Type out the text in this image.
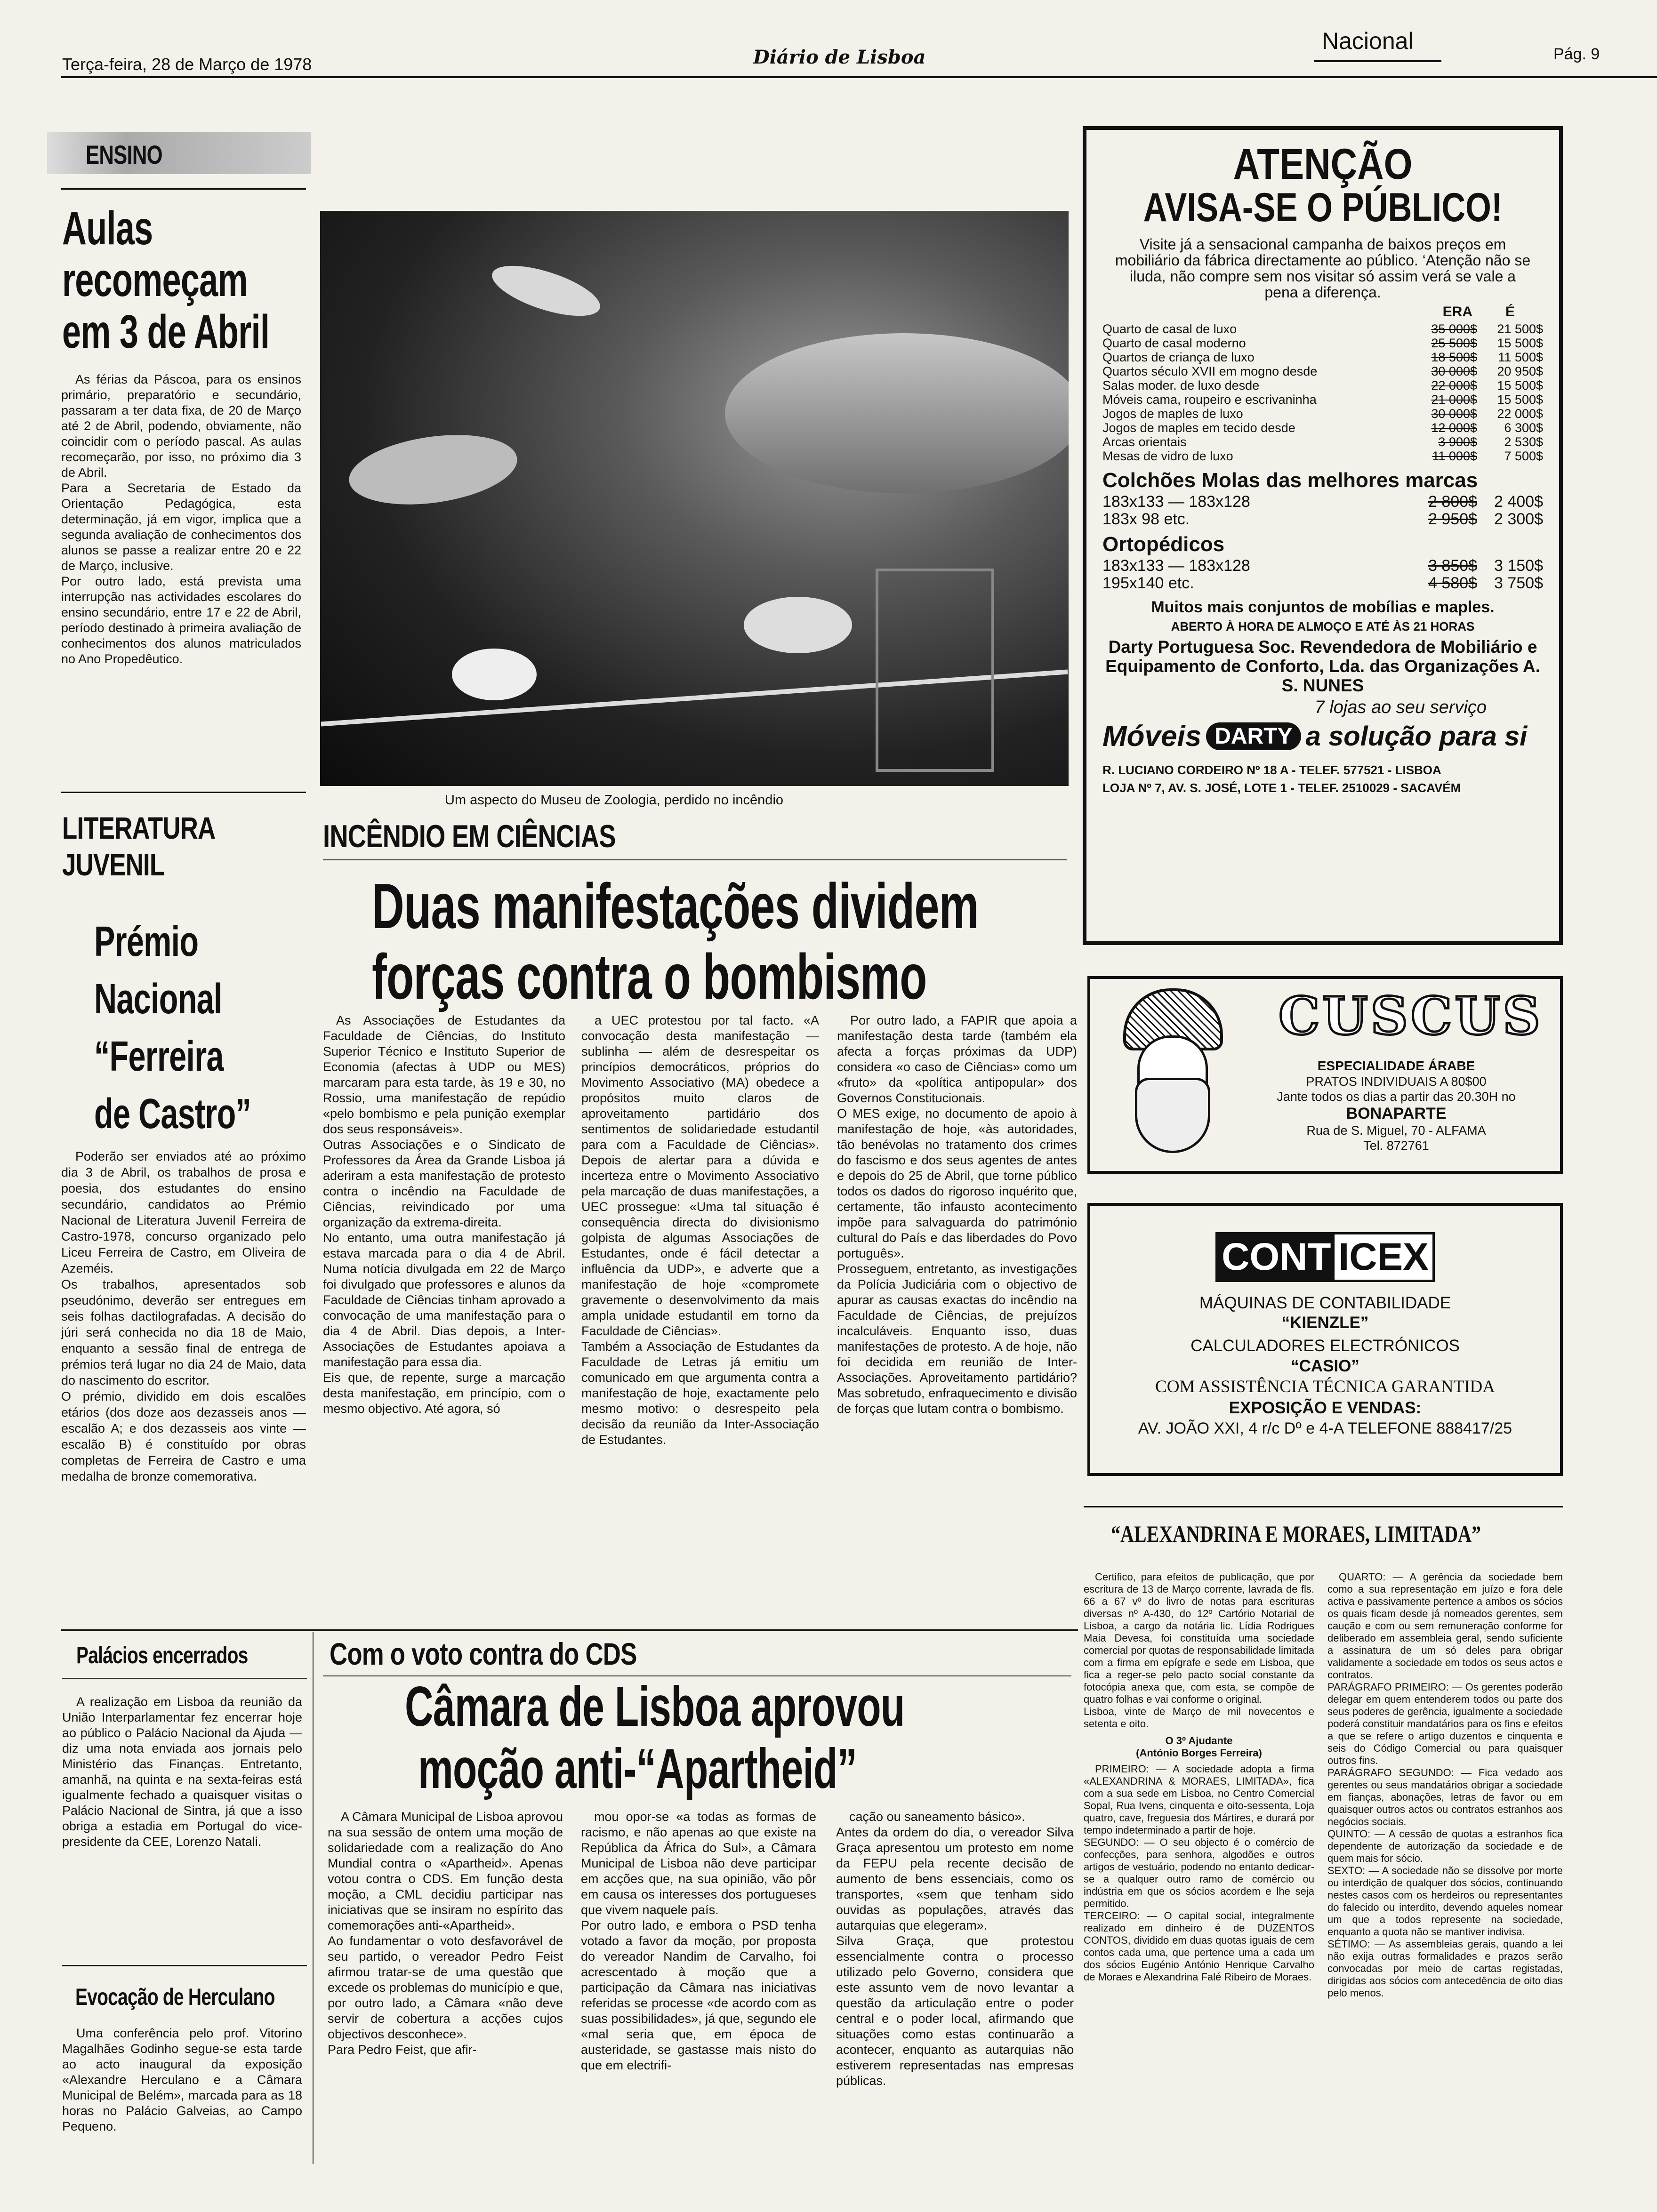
Terça-feira, 28 de Março de 1978	Diário de Lisboa
Nacional	Pág. 9
ENSINO
Aulas
recomeçam
em 3 de Abril
As férias da Páscoa, para os ensinos primário, preparatório e secundário, passaram a ter data fixa, de 20 de Março até 2 de Abril, podendo, obviamente, não coincidir com o período pascal. As aulas recomeçarão, por isso, no próximo dia 3 de Abril.
Para a Secretaria de Estado da Orientação Pedagógica, esta determinação, já em vigor, implica que a segunda avaliação de conhecimentos dos alunos se passe a realizar entre 20 e 22 de Março, inclusive.
Por outro lado, está prevista uma interrupção nas actividades escolares do ensino secundário, entre 17 e 22 de Abril, período destinado à primeira avaliação de conhecimentos dos alunos matriculados no Ano Propedêutico.
LITERATURA
JUVENIL
Prémio
Nacional
“Ferreira
de Castro”
Poderão ser enviados até ao próximo dia 3 de Abril, os trabalhos de prosa e poesia, dos estudantes do ensino secundário, candidatos ao Prémio Nacional de Literatura Juvenil Ferreira de Castro-1978, concurso organizado pelo Liceu Ferreira de Castro, em Oliveira de Azeméis.
Os trabalhos, apresentados sob pseudónimo, deverão ser entregues em seis folhas dactilografadas. A decisão do júri será conhecida no dia 18 de Maio, enquanto a sessão final de entrega de prémios terá lugar no dia 24 de Maio, data do nascimento do escritor.
O prémio, dividido em dois escalões etários (dos doze aos dezasseis anos — escalão A; e dos dezasseis aos vinte — escalão B) é constituído por obras completas de Ferreira de Castro e uma medalha de bronze comemorativa.
Um aspecto do Museu de Zoologia, perdido no incêndio
INCÊNDIO EM CIÊNCIAS
Duas manifestações dividem
forças contra o bombismo
As Associações de Estudantes da Faculdade de Ciências, do Instituto Superior Técnico e Instituto Superior de Economia (afectas à UDP ou MES) marcaram para esta tarde, às 19 e 30, no Rossio, uma manifestação de repúdio «pelo bombismo e pela punição exemplar dos seus responsáveis».
Outras Associações e o Sindicato de Professores da Área da Grande Lisboa já aderiram a esta manifestação de protesto contra o incêndio na Faculdade de Ciências, reivindicado por uma organização da extrema-direita.
No entanto, uma outra manifestação já estava marcada para o dia 4 de Abril. Numa notícia divulgada em 22 de Março foi divulgado que professores e alunos da Faculdade de Ciências tinham aprovado a convocação de uma manifestação para o dia 4 de Abril. Dias depois, a Inter-Associações de Estudantes apoiava a manifestação para essa dia.
Eis que, de repente, surge a marcação desta manifestação, em princípio, com o mesmo objectivo. Até agora, só
a UEC protestou por tal facto. «A convocação desta manifestação — sublinha — além de desrespeitar os princípios democráticos, próprios do Movimento Associativo (MA) obedece a propósitos muito claros de aproveitamento partidário dos sentimentos de solidariedade estudantil para com a Faculdade de Ciências». Depois de alertar para a dúvida e incerteza entre o Movimento Associativo pela marcação de duas manifestações, a UEC prossegue: «Uma tal situação é consequência directa do divisionismo golpista de algumas Associações de Estudantes, onde é fácil detectar a influência da UDP», e adverte que a manifestação de hoje «compromete gravemente o desenvolvimento da mais ampla unidade estudantil em torno da Faculdade de Ciências».
Também a Associação de Estudantes da Faculdade de Letras já emitiu um comunicado em que argumenta contra a manifestação de hoje, exactamente pelo mesmo motivo: o desrespeito pela decisão da reunião da Inter-Associação de Estudantes.
Por outro lado, a FAPIR que apoia a manifestação desta tarde (também ela afecta a forças próximas da UDP) considera «o caso de Ciências» como um «fruto» da «política antipopular» dos Governos Constitucionais.
O MES exige, no documento de apoio à manifestação de hoje, «às autoridades, tão benévolas no tratamento dos crimes do fascismo e dos seus agentes de antes e depois do 25 de Abril, que torne público todos os dados do rigoroso inquérito que, certamente, tão infausto acontecimento impõe para salvaguarda do património cultural do País e das liberdades do Povo português».
Prosseguem, entretanto, as investigações da Polícia Judiciária com o objectivo de apurar as causas exactas do incêndio na Faculdade de Ciências, de prejuízos incalculáveis. Enquanto isso, duas manifestações de protesto. A de hoje, não foi decidida em reunião de Inter-Associações. Aproveitamento partidário? Mas sobretudo, enfraquecimento e divisão de forças que lutam contra o bombismo.
Palácios encerrados
A realização em Lisboa da reunião da União Interparlamentar fez encerrar hoje ao público o Palácio Nacional da Ajuda — diz uma nota enviada aos jornais pelo Ministério das Finanças. Entretanto, amanhã, na quinta e na sexta-feiras está igualmente fechado a quaisquer visitas o Palácio Nacional de Sintra, já que a isso obriga a estadia em Portugal do vice-presidente da CEE, Lorenzo Natali.
Evocação de Herculano
Uma conferência pelo prof. Vitorino Magalhães Godinho segue-se esta tarde ao acto inaugural da exposição «Alexandre Herculano e a Câmara Municipal de Belém», marcada para as 18 horas no Palácio Galveias, ao Campo Pequeno.
Com o voto contra do CDS
Câmara de Lisboa aprovou
moção anti-“Apartheid”
A Câmara Municipal de Lisboa aprovou na sua sessão de ontem uma moção de solidariedade com a realização do Ano Mundial contra o «Apartheid». Apenas votou contra o CDS. Em função desta moção, a CML decidiu participar nas iniciativas que se insiram no espírito das comemorações anti-«Apartheid».
Ao fundamentar o voto desfavorável de seu partido, o vereador Pedro Feist afirmou tratar-se de uma questão que excede os problemas do município e que, por outro lado, a Câmara «não deve servir de cobertura a acções cujos objectivos desconhece».
Para Pedro Feist, que afir-
mou opor-se «a todas as formas de racismo, e não apenas ao que existe na República da África do Sul», a Câmara Municipal de Lisboa não deve participar em acções que, na sua opinião, vão pôr em causa os interesses dos portugueses que vivem naquele país.
Por outro lado, e embora o PSD tenha votado a favor da moção, por proposta do vereador Nandim de Carvalho, foi acrescentado à moção que a participação da Câmara nas iniciativas referidas se processe «de acordo com as suas possibilidades», já que, segundo ele «mal seria que, em época de austeridade, se gastasse mais nisto do que em electrifi-
cação ou saneamento básico».
Antes da ordem do dia, o vereador Silva Graça apresentou um protesto em nome da FEPU pela recente decisão de aumento de bens essenciais, como os transportes, «sem que tenham sido ouvidas as populações, através das autarquias que elegeram».
Silva Graça, que protestou essencialmente contra o processo utilizado pelo Governo, considera que este assunto vem de novo levantar a questão da articulação entre o poder central e o poder local, afirmando que situações como estas continuarão a acontecer, enquanto as autarquias não estiverem representadas nas empresas públicas.
ATENÇÃO
AVISA-SE O PÚBLICO!
Visite já a sensacional campanha de baixos preços em mobiliário da fábrica directamente ao público. ‘Atenção não se iluda, não compre sem nos visitar só assim verá se vale a pena a diferença.
ERA É
Quarto de casal de luxo	35 000$	21 500$
Quarto de casal moderno	25 500$	15 500$
Quartos de criança de luxo	18 500$	11 500$
Quartos século XVII em mogno desde	30 000$	20 950$
Salas moder. de luxo desde	22 000$	15 500$
Móveis cama, roupeiro e escrivaninha	21 000$	15 500$
Jogos de maples de luxo	30 000$	22 000$
Jogos de maples em tecido desde	12 000$	6 300$
Arcas orientais	3 900$	2 530$
Mesas de vidro de luxo	11 000$	7 500$
Colchões Molas das melhores marcas
183x133 — 183x128	2 800$	2 400$
183x 98 etc.	2 950$	2 300$
Ortopédicos
183x133 — 183x128	3 850$	3 150$
195x140 etc.	4 580$	3 750$
Muitos mais conjuntos de mobílias e maples.
ABERTO À HORA DE ALMOÇO E ATÉ ÀS 21 HORAS
Darty Portuguesa Soc. Revendedora de Mobiliário e Equipamento de Conforto, Lda. das Organizações A. S. NUNES
7 lojas ao seu serviço
Móveis DARTY a solução para si
R. LUCIANO CORDEIRO Nº 18 A - TELEF. 577521 - LISBOA
LOJA Nº 7, AV. S. JOSÉ, LOTE 1 - TELEF. 2510029 - SACAVÉM
CUSCUS
ESPECIALIDADE ÁRABE
PRATOS INDIVIDUAIS A 80$00
Jante todos os dias a partir das 20.30H no
BONAPARTE
Rua de S. Miguel, 70 - ALFAMA
Tel. 872761
CONT ICEX
MÁQUINAS DE CONTABILIDADE
“KIENZLE”
CALCULADORES ELECTRÓNICOS
“CASIO”
COM ASSISTÊNCIA TÉCNICA GARANTIDA
EXPOSIÇÃO E VENDAS:
AV. JOÃO XXI, 4 r/c Dº e 4-A TELEFONE 888417/25
“ALEXANDRINA E MORAES, LIMITADA”
Certifico, para efeitos de publicação, que por escritura de 13 de Março corrente, lavrada de fls. 66 a 67 vº do livro de notas para escrituras diversas nº A-430, do 12º Cartório Notarial de Lisboa, a cargo da notária lic. Lídia Rodrigues Maia Devesa, foi constituída uma sociedade comercial por quotas de responsabilidade limitada com a firma em epígrafe e sede em Lisboa, que fica a reger-se pelo pacto social constante da fotocópia anexa que, com esta, se compõe de quatro folhas e vai conforme o original.
Lisboa, vinte de Março de mil novecentos e setenta e oito.
O 3º Ajudante
(António Borges Ferreira)
PRIMEIRO: — A sociedade adopta a firma «ALEXANDRINA & MORAES, LIMITADA», fica com a sua sede em Lisboa, no Centro Comercial Sopal, Rua Ivens, cinquenta e oito-sessenta, Loja quatro, cave, freguesia dos Mártires, e durará por tempo indeterminado a partir de hoje.
SEGUNDO: — O seu objecto é o comércio de confecções, para senhora, algodões e outros artigos de vestuário, podendo no entanto dedicar-se a qualquer outro ramo de comércio ou indústria em que os sócios acordem e lhe seja permitido.
TERCEIRO: — O capital social, integralmente realizado em dinheiro é de DUZENTOS CONTOS, dividido em duas quotas iguais de cem contos cada uma, que pertence uma a cada um dos sócios Eugénio António Henrique Carvalho de Moraes e Alexandrina Falé Ribeiro de Moraes.
QUARTO: — A gerência da sociedade bem como a sua representação em juízo e fora dele activa e passivamente pertence a ambos os sócios os quais ficam desde já nomeados gerentes, sem caução e com ou sem remuneração conforme for deliberado em assembleia geral, sendo suficiente a assinatura de um só deles para obrigar validamente a sociedade em todos os seus actos e contratos.
PARÁGRAFO PRIMEIRO: — Os gerentes poderão delegar em quem entenderem todos ou parte dos seus poderes de gerência, igualmente a sociedade poderá constituir mandatários para os fins e efeitos a que se refere o artigo duzentos e cinquenta e seis do Código Comercial ou para quaisquer outros fins.
PARÁGRAFO SEGUNDO: — Fica vedado aos gerentes ou seus mandatários obrigar a sociedade em fianças, abonações, letras de favor ou em quaisquer outros actos ou contratos estranhos aos negócios sociais.
QUINTO: — A cessão de quotas a estranhos fica dependente de autorização da sociedade e de quem mais for sócio.
SEXTO: — A sociedade não se dissolve por morte ou interdição de qualquer dos sócios, continuando nestes casos com os herdeiros ou representantes do falecido ou interdito, devendo aqueles nomear um que a todos represente na sociedade, enquanto a quota não se mantiver indivisa.
SÉTIMO: — As assembleias gerais, quando a lei não exija outras formalidades e prazos serão convocadas por meio de cartas registadas, dirigidas aos sócios com antecedência de oito dias pelo menos.
